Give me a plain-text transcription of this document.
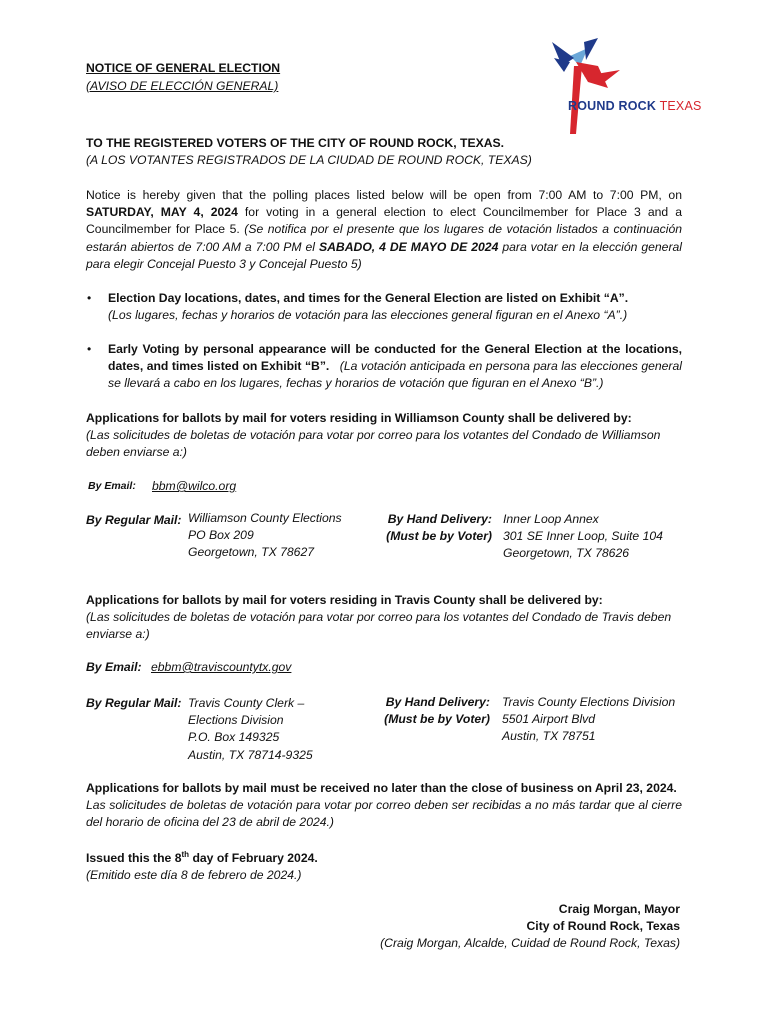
NOTICE OF GENERAL ELECTION
(AVISO DE ELECCIÓN GENERAL)
ROUND ROCK TEXAS
TO THE REGISTERED VOTERS OF THE CITY OF ROUND ROCK, TEXAS.
(A LOS VOTANTES REGISTRADOS DE LA CIUDAD DE ROUND ROCK, TEXAS)

Notice is hereby given that the polling places listed below will be open from 7:00 AM to 7:00 PM, on SATURDAY, MAY 4, 2024 for voting in a general election to elect Councilmember for Place 3 and a Councilmember for Place 5. (Se notifica por el presente que los lugares de votación listados a continuación estarán abiertos de 7:00 AM a 7:00 PM el SABADO, 4 DE MAYO DE 2024 para votar en la elección general para elegir Concejal Puesto 3 y Concejal Puesto 5)

• Election Day locations, dates, and times for the General Election are listed on Exhibit “A”.
(Los lugares, fechas y horarios de votación para las elecciones general figuran en el Anexo “A”.)

• Early Voting by personal appearance will be conducted for the General Election at the locations, dates, and times listed on Exhibit “B”. (La votación anticipada en persona para las elecciones general se llevará a cabo en los lugares, fechas y horarios de votación que figuran en el Anexo “B”.)

Applications for ballots by mail for voters residing in Williamson County shall be delivered by:

(Las solicitudes de boletas de votación para votar por correo para los votantes del Condado de Williamson deben enviarse a:)

By Email: bbm@wilco.org
By Regular Mail: Williamson County Elections
PO Box 209
Georgetown, TX 78627
By Hand Delivery:
(Must be by Voter)
Inner Loop Annex
301 SE Inner Loop, Suite 104
Georgetown, TX 78626
Applications for ballots by mail for voters residing in Travis County shall be delivered by:

(Las solicitudes de boletas de votación para votar por correo para los votantes del Condado de Travis deben enviarse a:)

By Email: ebbm@traviscountytx.gov
By Regular Mail: Travis County Clerk –
Elections Division
P.O. Box 149325
Austin, TX 78714-9325
By Hand Delivery:
(Must be by Voter)
Travis County Elections Division
5501 Airport Blvd
Austin, TX 78751
Applications for ballots by mail must be received no later than the close of business on April 23, 2024.

Las solicitudes de boletas de votación para votar por correo deben ser recibidas a no más tardar que al cierre del horario de oficina del 23 de abril de 2024.)

Issued this the 8th day of February 2024.
(Emitido este día 8 de febrero de 2024.)
Craig Morgan, Mayor
City of Round Rock, Texas
(Craig Morgan, Alcalde, Cuidad de Round Rock, Texas)
